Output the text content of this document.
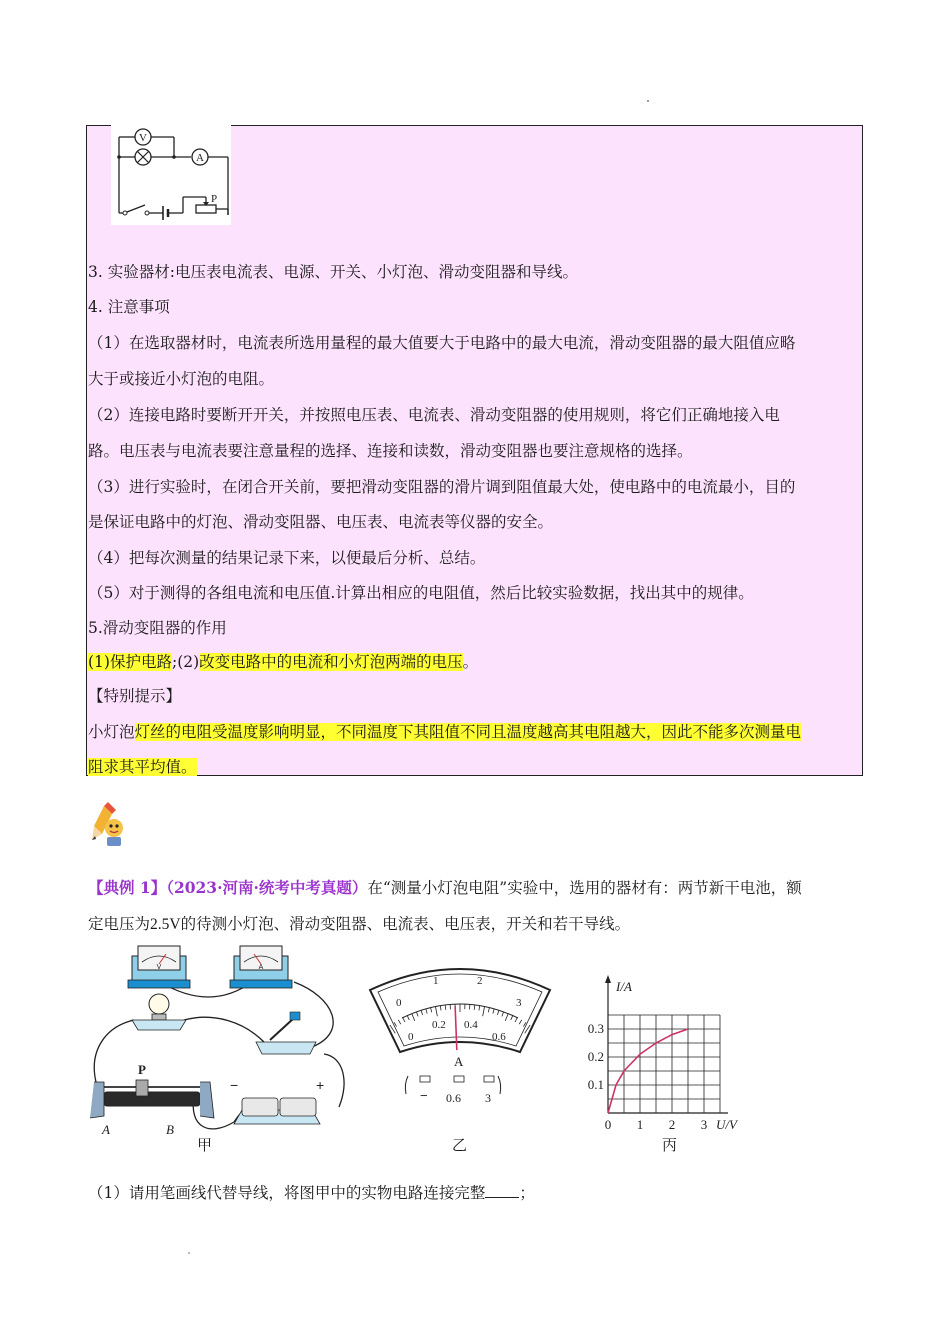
V
A
P
3. 实验器材:电压表电流表、电源、开关、小灯泡、滑动变阻器和导线。
4. 注意事项
（1）在选取器材时，电流表所选用量程的最大值要大于电路中的最大电流，滑动变阻器的最大阻值应略
大于或接近小灯泡的电阻。
（2）连接电路时要断开开关，并按照电压表、电流表、滑动变阻器的使用规则，将它们正确地接入电
路。电压表与电流表要注意量程的选择、连接和读数，滑动变阻器也要注意规格的选择。
（3）进行实验时，在闭合开关前，要把滑动变阻器的滑片调到阻值最大处，使电路中的电流最小，目的
是保证电路中的灯泡、滑动变阻器、电压表、电流表等仪器的安全。
（4）把每次测量的结果记录下来，以便最后分析、总结。
（5）对于测得的各组电流和电压值.计算出相应的电阻值，然后比较实验数据，找出其中的规律。
5.滑动变阻器的作用
(1)保护电路;(2)改变电路中的电流和小灯泡两端的电压。
【特别提示】
小灯泡灯丝的电阻受温度影响明显，不同温度下其阻值不同且温度越高其电阻越大，因此不能多次测量电
阻求其平均值。
【典例 1】（2023·河南·统考中考真题）在“测量小灯泡电阻”实验中，选用的器材有：两节新干电池，额
定电压为2.5V的待测小灯泡、滑动变阻器、电流表、电压表，开关和若干导线。
V	A
P
A	B
−	+
甲
0
1	2
3
0
0.2 0.4
0.6
A
− 0.6 3
乙
I/A
U/V
0 1 2 3
0.1
0.2
0.3
丙
（1）请用笔画线代替导线，将图甲中的实物电路连接完整 ；
